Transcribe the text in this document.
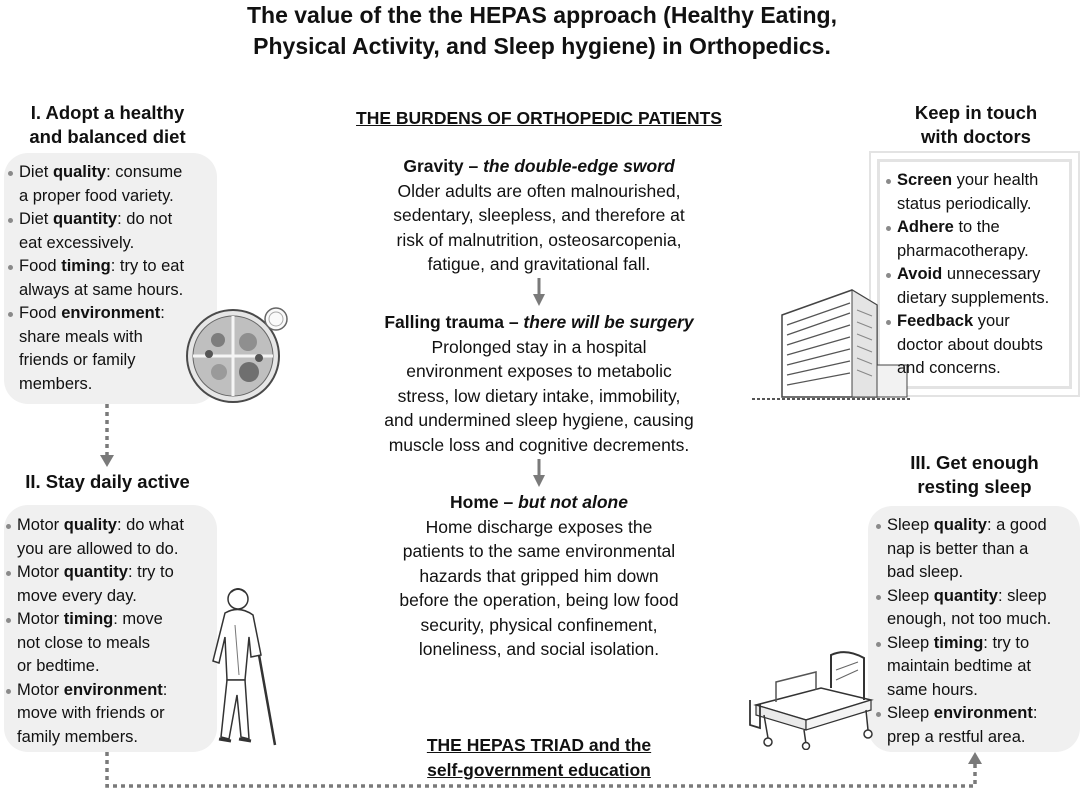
The value of the the HEPAS approach (Healthy Eating,
Physical Activity, and Sleep hygiene) in Orthopedics.
I. Adopt a healthy
and balanced diet
Diet quality: consume
a proper food variety.
Diet quantity: do not
eat excessively.
Food timing: try to eat
always at same hours.
Food environment:
share meals with
friends or family
members.
II. Stay daily active
Motor quality: do what
you are allowed to do.
Motor quantity: try to
move every day.
Motor timing: move
not close to meals
or bedtime.
Motor environment:
move with friends or
family members.
Keep in touch
with doctors
Screen your health
status periodically.
Adhere to the
pharmacotherapy.
Avoid unnecessary
dietary supplements.
Feedback your
doctor about doubts
and concerns.
III. Get enough
resting sleep
Sleep quality: a good
nap is better than a
bad sleep.
Sleep quantity: sleep
enough, not too much.
Sleep timing: try to
maintain bedtime at
same hours.
Sleep environment:
prep a restful area.
THE BURDENS OF ORTHOPEDIC PATIENTS
Gravity – the double-edge sword
Older adults are often malnourished,
sedentary, sleepless, and therefore at
risk of malnutrition, osteosarcopenia,
fatigue, and gravitational fall.
Falling trauma – there will be surgery
Prolonged stay in a hospital
environment exposes to metabolic
stress, low dietary intake, immobility,
and undermined sleep hygiene, causing
muscle loss and cognitive decrements.
Home – but not alone
Home discharge exposes the
patients to the same environmental
hazards that gripped him down
before the operation, being low food
security, physical confinement,
loneliness, and social isolation.
THE HEPAS TRIAD and the
self-government education
